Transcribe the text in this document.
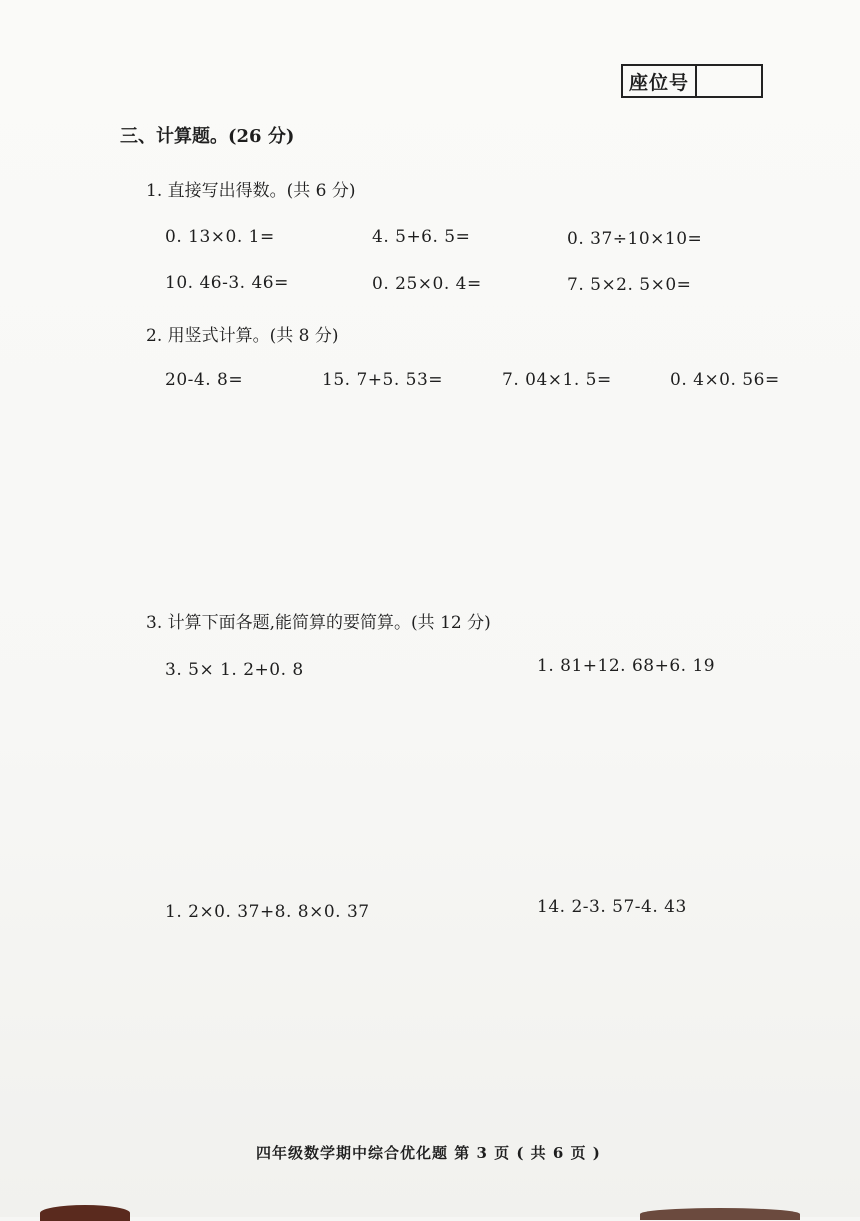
座位号
三、计算题。(26 分)
1. 直接写出得数。(共 6 分)
0. 13×0. 1=	4. 5+6. 5=	0. 37÷10×10=
10. 46-3. 46=	0. 25×0. 4=	7. 5×2. 5×0=
2. 用竖式计算。(共 8 分)
20-4. 8=	15. 7+5. 53=	7. 04×1. 5=	0. 4×0. 56=
3. 计算下面各题,能简算的要简算。(共 12 分)
3. 5× 1. 2+0. 8	1. 81+12. 68+6. 19
1. 2×0. 37+8. 8×0. 37	14. 2-3. 57-4. 43
四年级数学期中综合优化题 第 3 页 ( 共 6 页 )
